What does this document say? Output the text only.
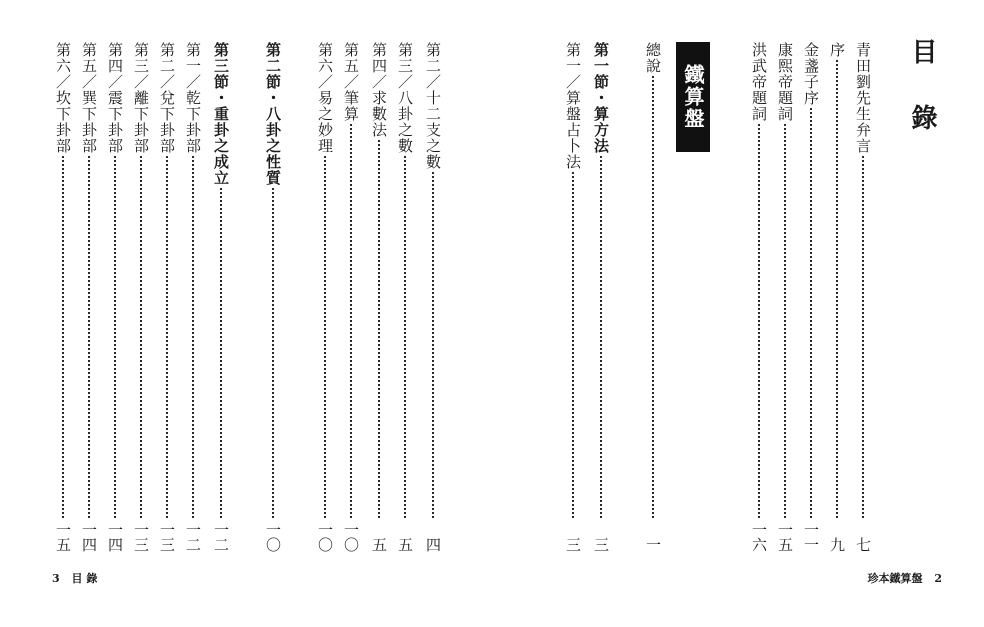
第六／坎下卦部
一五
第五／巽下卦部
一四
第四／震下卦部
一四
第三／離下卦部
一三
第二／兌下卦部
一三
第一／乾下卦部
一二
第三節・重卦之成立
一二
第二節・八卦之性質
一〇
第六／易之妙理
一〇
第五／筆算
一〇
第四／求數法
五
第三／八卦之數
五
第二／十二支之數
四
3 目 錄
第一／算盤占卜法
三
第一節・算方法
三
總說
一
鐵算盤	洪武帝題詞
一六
康熙帝題詞
一五
金盞子序
一一
序
九
青田劉先生弁言
七
目錄
珍本鐵算盤 2
